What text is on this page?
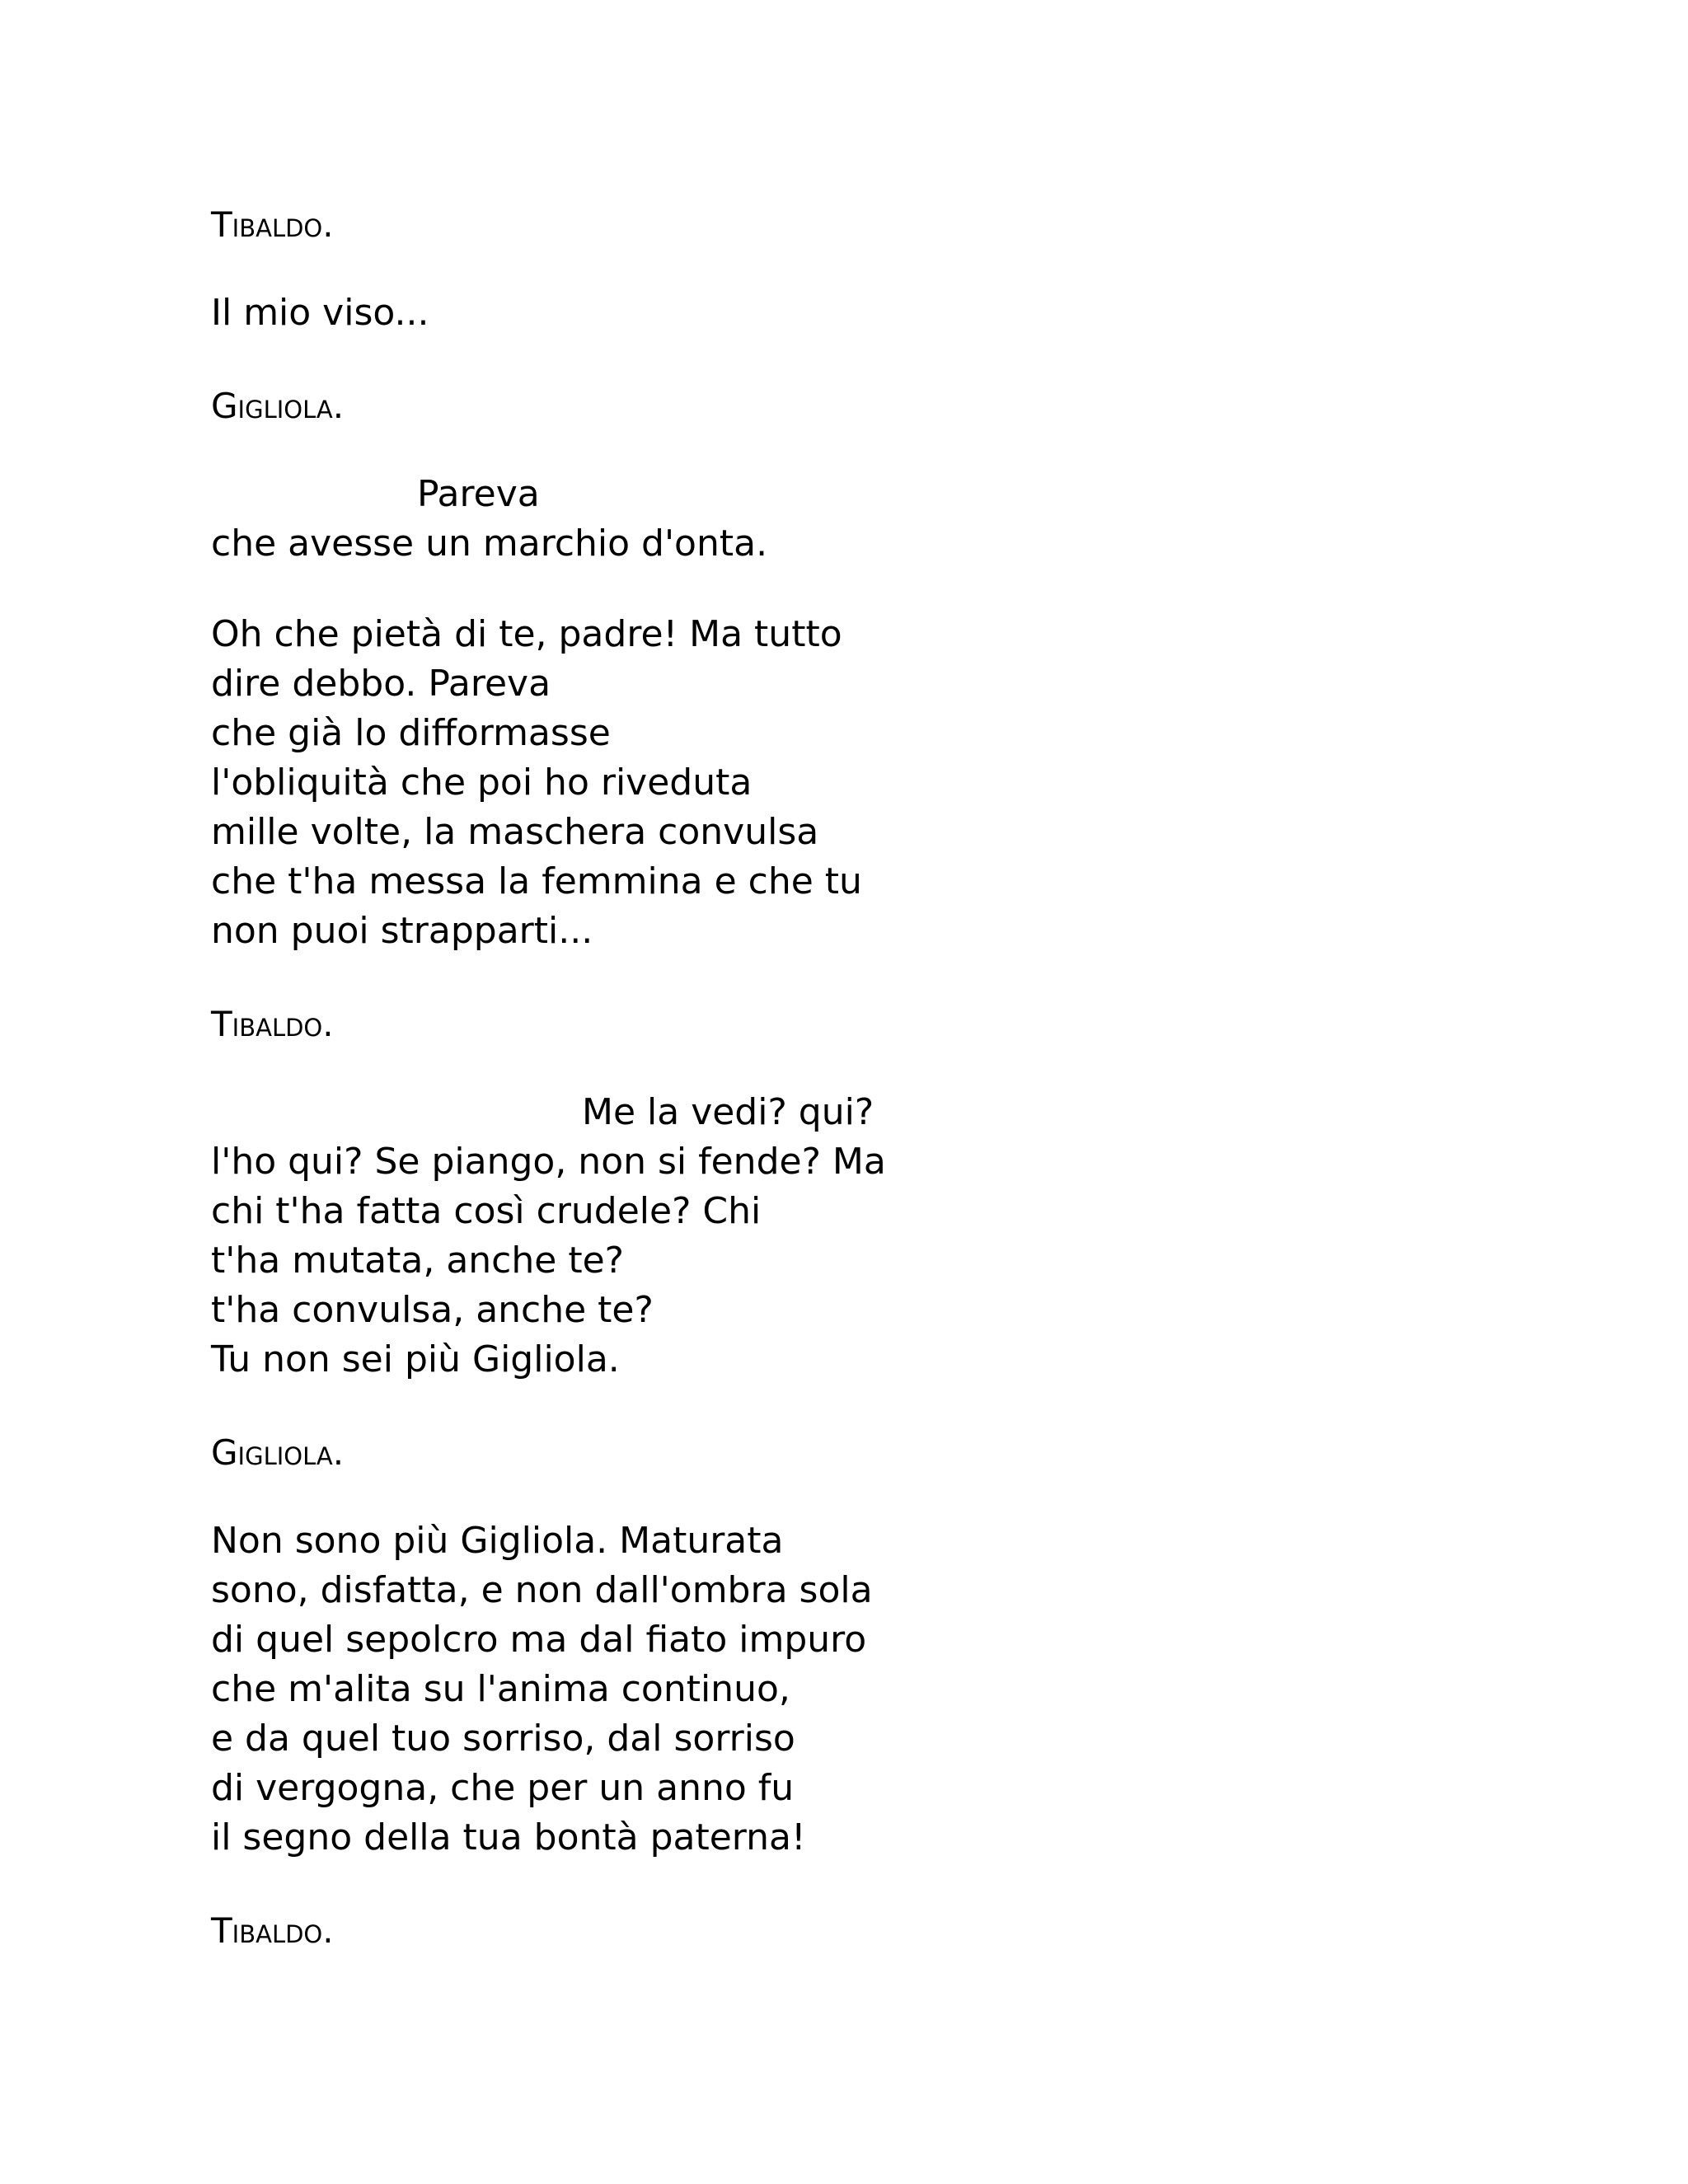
Tibaldo.

Il mio viso...

Gigliola.

Pareva
che avesse un marchio d'onta.

Oh che pietà di te, padre! Ma tutto
dire debbo. Pareva
che già lo difformasse
l'obliquità che poi ho riveduta
mille volte, la maschera convulsa
che t'ha messa la femmina e che tu
non puoi strapparti...

Tibaldo.

Me la vedi? qui?
l'ho qui? Se piango, non si fende? Ma
chi t'ha fatta così crudele? Chi
t'ha mutata, anche te?
t'ha convulsa, anche te?
Tu non sei più Gigliola.

Gigliola.

Non sono più Gigliola. Maturata
sono, disfatta, e non dall'ombra sola
di quel sepolcro ma dal fiato impuro
che m'alita su l'anima continuo,
e da quel tuo sorriso, dal sorriso
di vergogna, che per un anno fu
il segno della tua bontà paterna!

Tibaldo.
